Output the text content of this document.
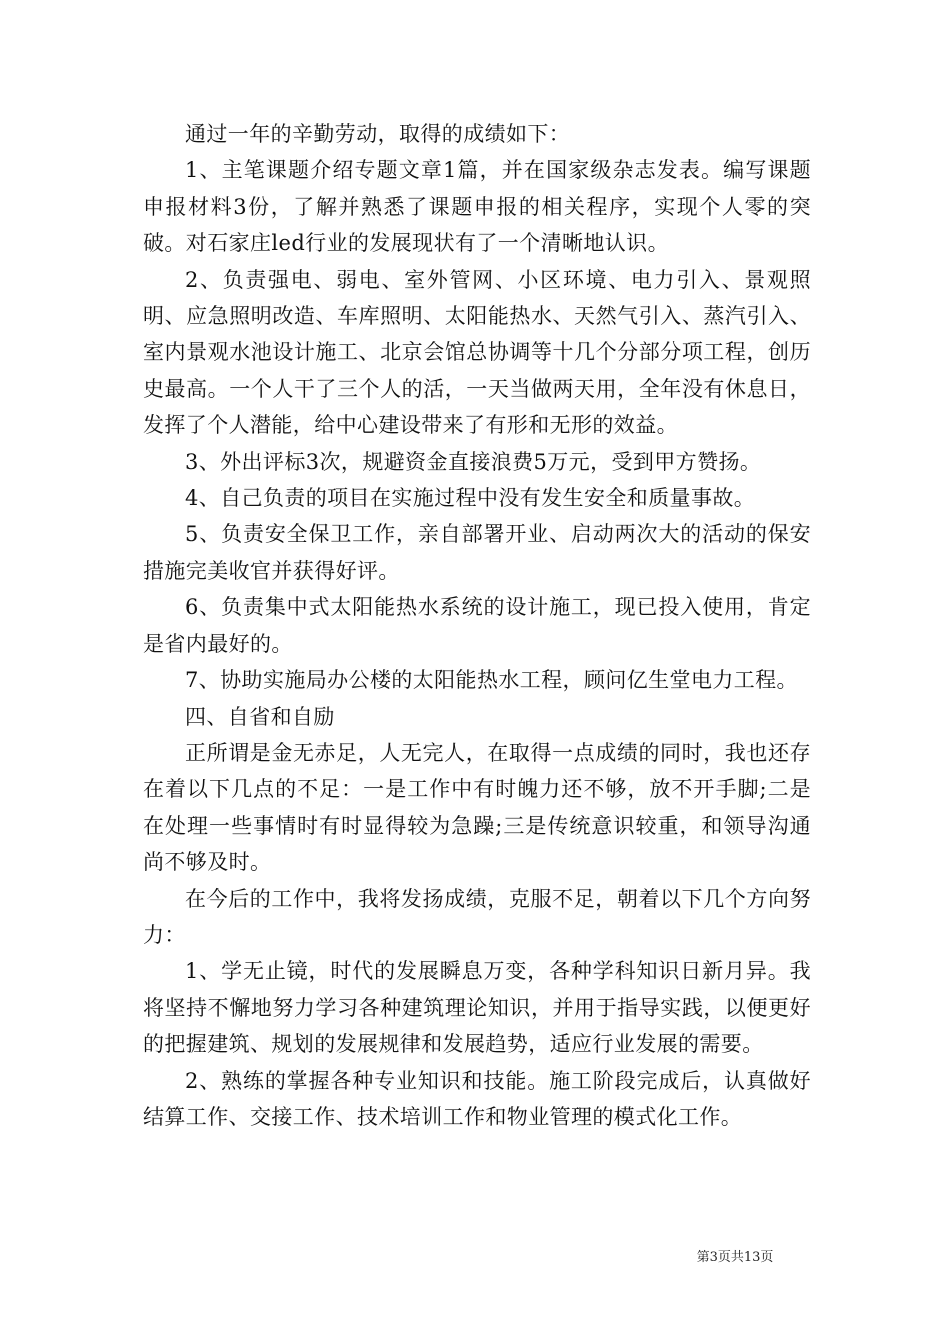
通过一年的辛勤劳动，取得的成绩如下：

1、主笔课题介绍专题文章1篇，并在国家级杂志发表。编写课题申报材料3份，了解并熟悉了课题申报的相关程序，实现个人零的突破。对石家庄led行业的发展现状有了一个清晰地认识。

2、负责强电、弱电、室外管网、小区环境、电力引入、景观照明、应急照明改造、车库照明、太阳能热水、天然气引入、蒸汽引入、室内景观水池设计施工、北京会馆总协调等十几个分部分项工程，创历史最高。一个人干了三个人的活，一天当做两天用，全年没有休息日，发挥了个人潜能，给中心建设带来了有形和无形的效益。

3、外出评标3次，规避资金直接浪费5万元，受到甲方赞扬。

4、自己负责的项目在实施过程中没有发生安全和质量事故。

5、负责安全保卫工作，亲自部署开业、启动两次大的活动的保安措施完美收官并获得好评。

6、负责集中式太阳能热水系统的设计施工，现已投入使用，肯定是省内最好的。

7、协助实施局办公楼的太阳能热水工程，顾问亿生堂电力工程。

四、自省和自励

正所谓是金无赤足，人无完人，在取得一点成绩的同时，我也还存在着以下几点的不足：一是工作中有时魄力还不够，放不开手脚;二是在处理一些事情时有时显得较为急躁;三是传统意识较重，和领导沟通尚不够及时。

在今后的工作中，我将发扬成绩，克服不足，朝着以下几个方向努力：

1、学无止镜，时代的发展瞬息万变，各种学科知识日新月异。我将坚持不懈地努力学习各种建筑理论知识，并用于指导实践，以便更好的把握建筑、规划的发展规律和发展趋势，适应行业发展的需要。

2、熟练的掌握各种专业知识和技能。施工阶段完成后，认真做好结算工作、交接工作、技术培训工作和物业管理的模式化工作。

第3页共13页
